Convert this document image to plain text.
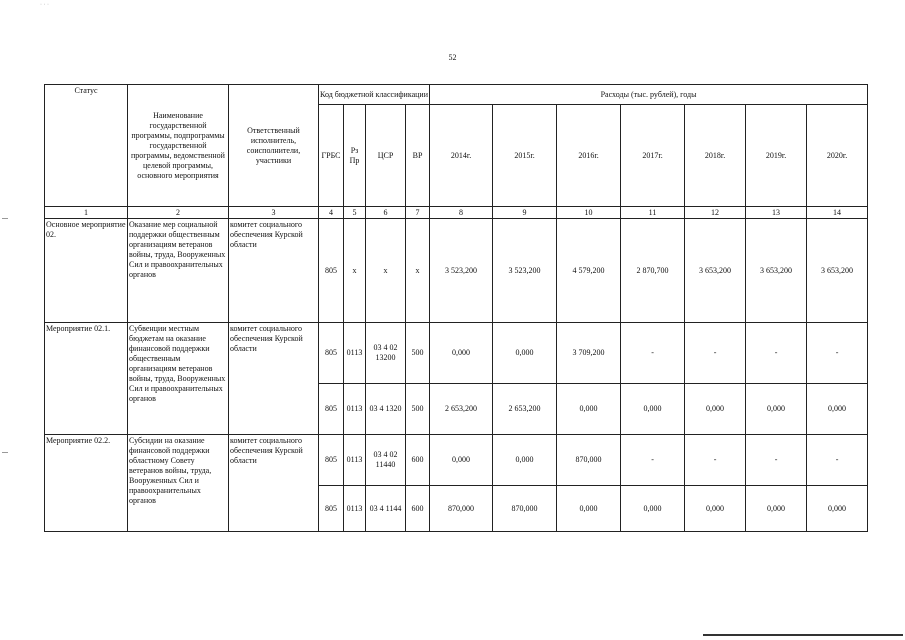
· · ·
52
Статус	Наименование государственной программы, подпрограммы государственной программы, ведомственной целевой программы, основного мероприятия	Ответственный исполнитель, соисполнители, участники	Код бюджетной классификации				Расходы (тыс. рублей), годы						
			ГРБС	Рз Пр	ЦСР	ВР	2014г.	2015г.	2016г.	2017г.	2018г.	2019г.	2020г.
1	2	3	4	5	6	7	8	9	10	11	12	13	14
Основное мероприятие 02.	Оказание мер социальной поддержки общественным организациям ветеранов войны, труда, Вооруженных Сил и правоохранительных органов	комитет социального обеспечения Курской области	805	х	х	х	3 523,200	3 523,200	4 579,200	2 870,700	3 653,200	3 653,200	3 653,200
Мероприятие 02.1.	Субвенции местным бюджетам на оказание финансовой поддержки общественным организациям ветеранов войны, труда, Вооруженных Сил и правоохранительных органов	комитет социального обеспечения Курской области	805	0113	03 4 02 13200	500	0,000	0,000	3 709,200	-	-	-	-
			805	0113	03 4 1320	500	2 653,200	2 653,200	0,000	0,000	0,000	0,000	0,000
Мероприятие 02.2.	Субсидии на оказание финансовой поддержки областному Совету ветеранов войны, труда, Вооруженных Сил и правоохранительных органов	комитет социального обеспечения Курской области	805	0113	03 4 02 11440	600	0,000	0,000	870,000	-	-	-	-
			805	0113	03 4 1144	600	870,000	870,000	0,000	0,000	0,000	0,000	0,000
